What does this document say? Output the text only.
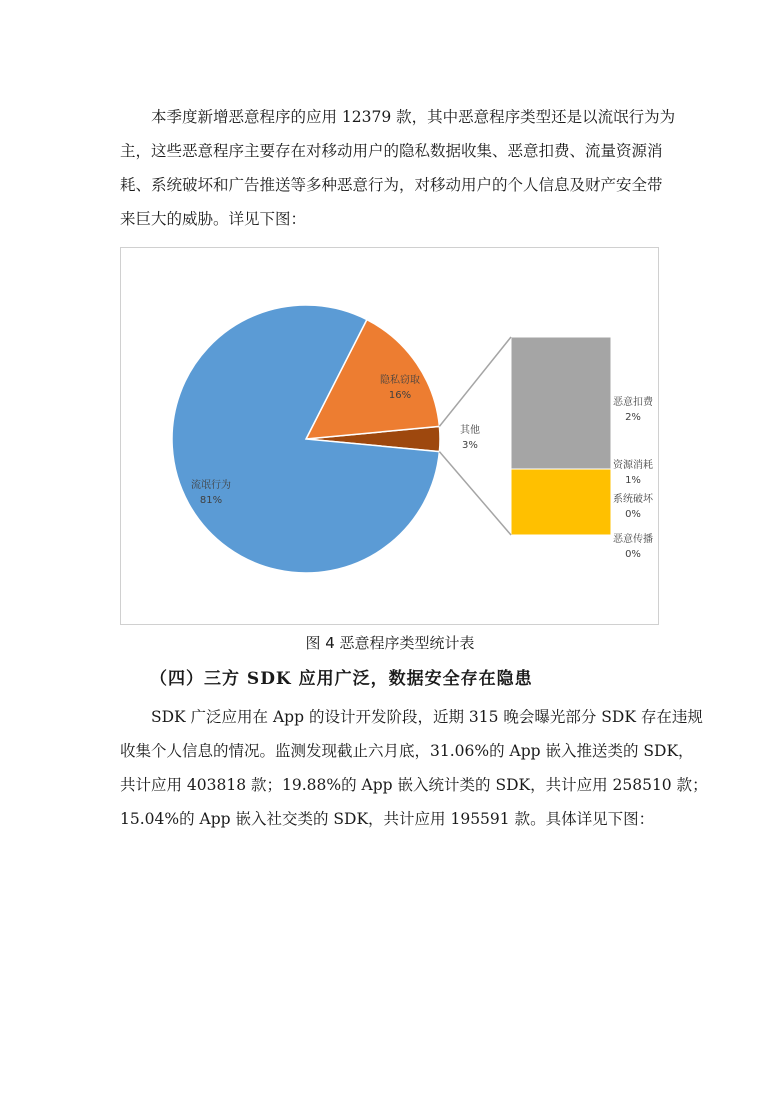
本季度新增恶意程序的应用 12379 款，其中恶意程序类型还是以流氓行为为
主，这些恶意程序主要存在对移动用户的隐私数据收集、恶意扣费、流量资源消
耗、系统破坏和广告推送等多种恶意行为，对移动用户的个人信息及财产安全带
来巨大的威胁。详见下图：
其他
3%
隐私窃取
16%
流氓行为
81%
恶意扣费
2%
资源消耗
1%
系统破坏
0%
恶意传播
0%
图 4 恶意程序类型统计表
（四）三方 SDK 应用广泛，数据安全存在隐患
SDK 广泛应用在 App 的设计开发阶段，近期 315 晚会曝光部分 SDK 存在违规
收集个人信息的情况。监测发现截止六月底，31.06%的 App 嵌入推送类的 SDK，
共计应用 403818 款；19.88%的 App 嵌入统计类的 SDK，共计应用 258510 款；
15.04%的 App 嵌入社交类的 SDK，共计应用 195591 款。具体详见下图：
